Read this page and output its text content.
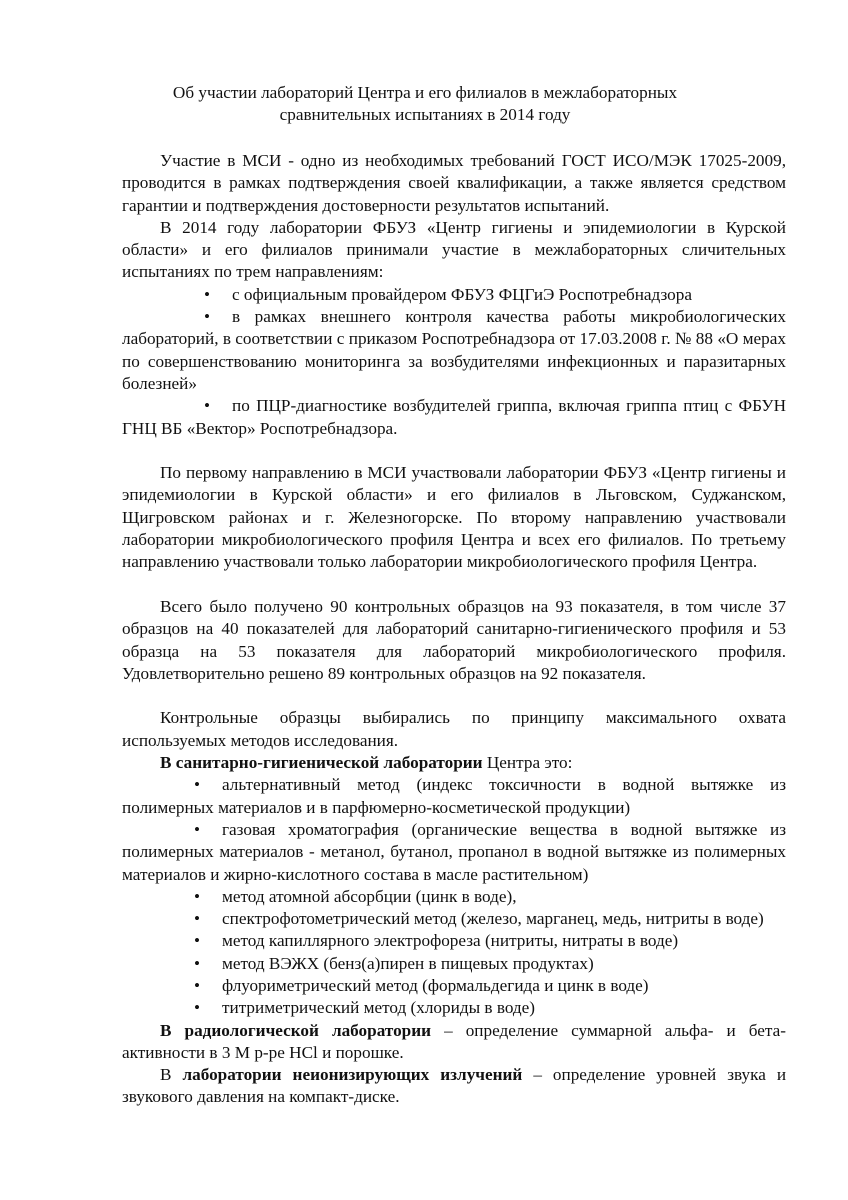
Об участии лабораторий Центра и его филиалов в межлабораторных
сравнительных испытаниях в 2014 году

Участие в МСИ - одно из необходимых требований ГОСТ ИСО/МЭК 17025-2009, проводится в рамках подтверждения своей квалификации, а также является средством гарантии и подтверждения достоверности результатов испытаний.

В 2014 году лаборатории ФБУЗ «Центр гигиены и эпидемиологии в Курской области» и его филиалов принимали участие в межлабораторных сличительных испытаниях по трем направлениям:

• с официальным провайдером ФБУЗ ФЦГиЭ Роспотребнадзора

• в рамках внешнего контроля качества работы микробиологических лабораторий, в соответствии с приказом Роспотребнадзора от 17.03.2008 г. № 88 «О мерах по совершенствованию мониторинга за возбудителями инфекционных и паразитарных болезней»

• по ПЦР-диагностике возбудителей гриппа, включая гриппа птиц с ФБУН ГНЦ ВБ «Вектор» Роспотребнадзора.

По первому направлению в МСИ участвовали лаборатории ФБУЗ «Центр гигиены и эпидемиологии в Курской области» и его филиалов в Льговском, Суджанском, Щигровском районах и г. Железногорске. По второму направлению участвовали лаборатории микробиологического профиля Центра и всех его филиалов. По третьему направлению участвовали только лаборатории микробиологического профиля Центра.

Всего было получено 90 контрольных образцов на 93 показателя, в том числе 37 образцов на 40 показателей для лабораторий санитарно-гигиенического профиля и 53 образца на 53 показателя для лабораторий микробиологического профиля. Удовлетворительно решено 89 контрольных образцов на 92 показателя.

Контрольные образцы выбирались по принципу максимального охвата используемых методов исследования.

В санитарно-гигиенической лаборатории Центра это:

• альтернативный метод (индекс токсичности в водной вытяжке из полимерных материалов и в парфюмерно-косметической продукции)

• газовая хроматография (органические вещества в водной вытяжке из полимерных материалов - метанол, бутанол, пропанол в водной вытяжке из полимерных материалов и жирно-кислотного состава в масле растительном)

• метод атомной абсорбции (цинк в воде),

• спектрофотометрический метод (железо, марганец, медь, нитриты в воде)

• метод капиллярного электрофореза (нитриты, нитраты в воде)

• метод ВЭЖХ (бенз(а)пирен в пищевых продуктах)

• флуориметрический метод (формальдегида и цинк в воде)

• титриметрический метод (хлориды в воде)

В радиологической лаборатории – определение суммарной альфа- и бета-активности в 3 М р-ре HCl и порошке.

В лаборатории неионизирующих излучений – определение уровней звука и звукового давления на компакт-диске.
